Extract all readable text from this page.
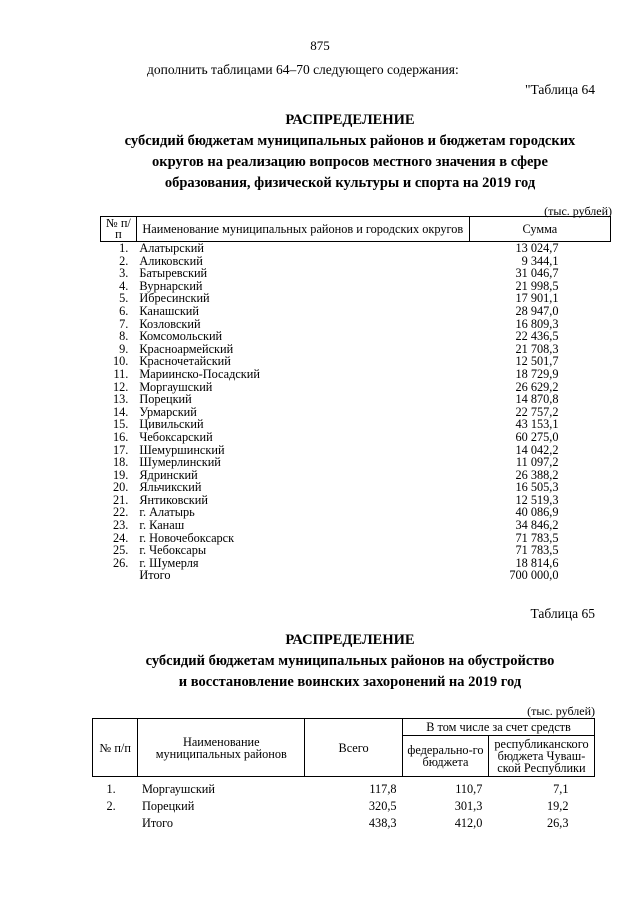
875
дополнить таблицами 64–70 следующего содержания:
"Таблица 64
РАСПРЕДЕЛЕНИЕ
субсидий бюджетам муниципальных районов и бюджетам городских
округов на реализацию вопросов местного значения в сфере
образования, физической культуры и спорта на 2019 год
(тыс. рублей)
№ п/п	Наименование муниципальных районов и городских округов	Сумма
1.	Алатырский	13 024,7
2.	Аликовский	9 344,1
3.	Батыревский	31 046,7
4.	Вурнарский	21 998,5
5.	Ибресинский	17 901,1
6.	Канашский	28 947,0
7.	Козловский	16 809,3
8.	Комсомольский	22 436,5
9.	Красноармейский	21 708,3
10.	Красночетайский	12 501,7
11.	Мариинско-Посадский	18 729,9
12.	Моргаушский	26 629,2
13.	Порецкий	14 870,8
14.	Урмарский	22 757,2
15.	Цивильский	43 153,1
16.	Чебоксарский	60 275,0
17.	Шемуршинский	14 042,2
18.	Шумерлинский	11 097,2
19.	Ядринский	26 388,2
20.	Яльчикский	16 505,3
21.	Янтиковский	12 519,3
22.	г. Алатырь	40 086,9
23.	г. Канаш	34 846,2
24.	г. Новочебоксарск	71 783,5
25.	г. Чебоксары	71 783,5
26.	г. Шумерля	18 814,6
	Итого	700 000,0
Таблица 65
РАСПРЕДЕЛЕНИЕ
субсидий бюджетам муниципальных районов на обустройство
и восстановление воинских захоронений на 2019 год
(тыс. рублей)
№ п/п	Наименование муниципальных районов	Всего	В том числе за счет средств	
			федерально-го бюджета	республиканского бюджета Чуваш-ской Республики
1.	Моргаушский	117,8	110,7	7,1
2.	Порецкий	320,5	301,3	19,2
	Итого	438,3	412,0	26,3
